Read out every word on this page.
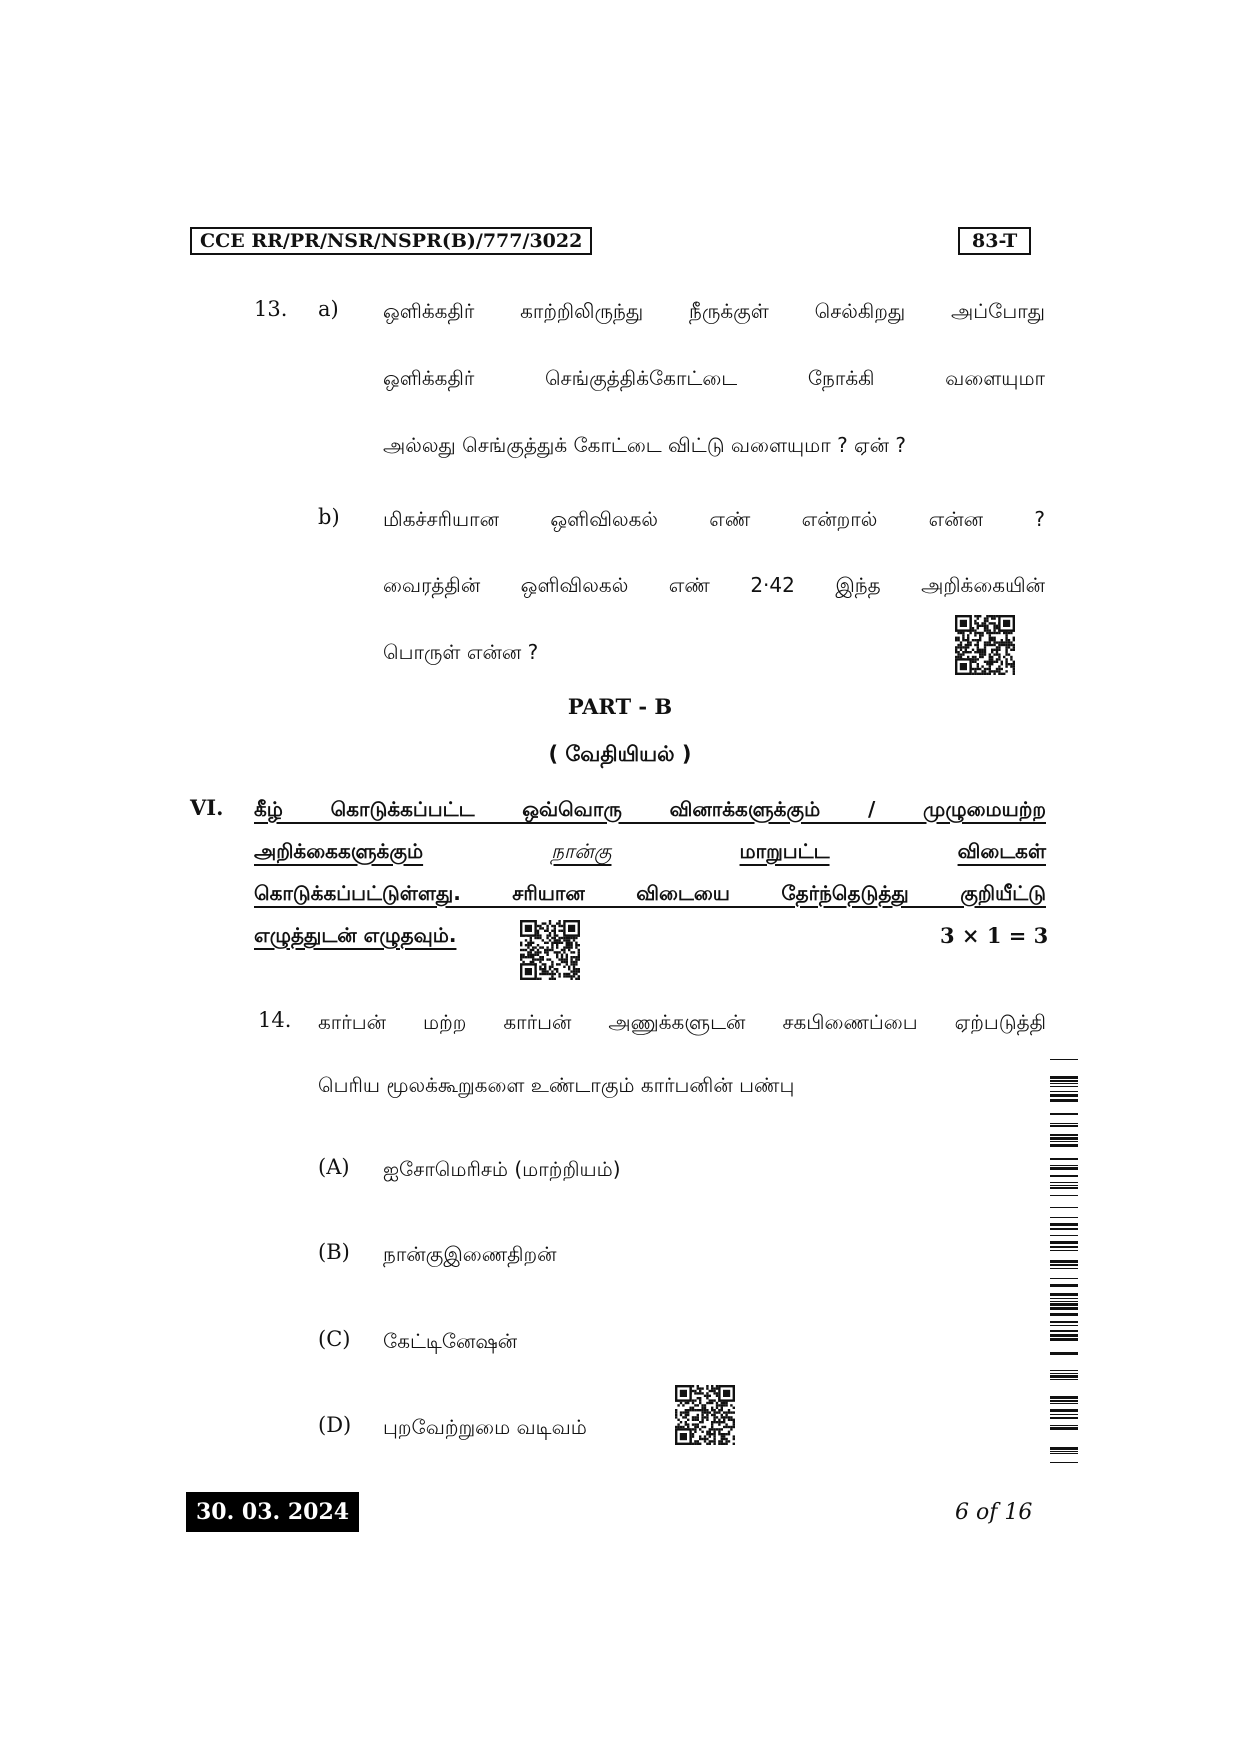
CCE RR/PR/NSR/NSPR(B)/777/3022	83-T
13. a) ஒளிக்கதிர் காற்றிலிருந்து நீருக்குள் செல்கிறது அப்போது
ஒளிக்கதிர் செங்குத்திக்கோட்டை நோக்கி வளையுமா
அல்லது செங்குத்துக் கோட்டை விட்டு வளையுமா ? ஏன் ?
b) மிகச்சரியான ஒளிவிலகல் எண் என்றால் என்ன ?
வைரத்தின் ஒளிவிலகல் எண் 2·42 இந்த அறிக்கையின்
பொருள் என்ன ?
PART - B
( வேதியியல் )
VI. கீழ் கொடுக்கப்பட்ட ஒவ்வொரு வினாக்களுக்கும் / முழுமையற்ற
அறிக்கைகளுக்கும்	நான்கு	மாறுபட்ட	விடைகள்
கொடுக்கப்பட்டுள்ளது. சரியான விடையை தேர்ந்தெடுத்து குறியீட்டு
எழுத்துடன் எழுதவும்.	3 × 1 = 3
14. கார்பன் மற்ற கார்பன் அணுக்களுடன் சகபிணைப்பை ஏற்படுத்தி
பெரிய மூலக்கூறுகளை உண்டாகும் கார்பனின் பண்பு
(A) ஐசோமெரிசம் (மாற்றியம்)
(B) நான்குஇணைதிறன்
(C) கேட்டினேஷன்
(D) புறவேற்றுமை வடிவம்
30. 03. 2024	6 of 16
